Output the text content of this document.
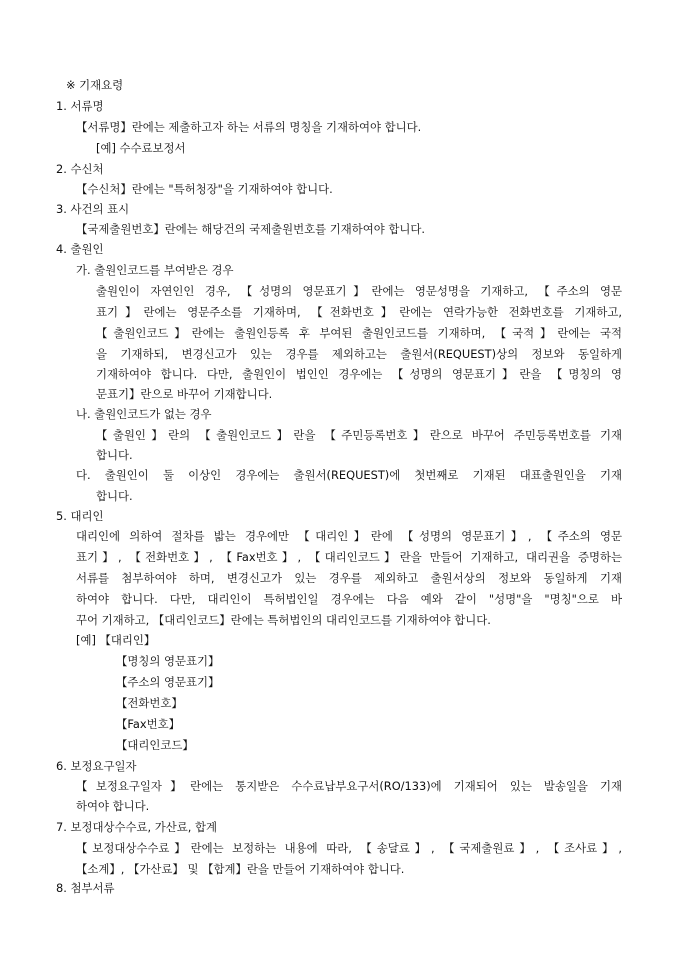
※ 기재요령
1. 서류명
【서류명】란에는 제출하고자 하는 서류의 명칭을 기재하여야 합니다.
[예] 수수료보정서
2. 수신처
【수신처】란에는 "특허청장"을 기재하여야 합니다.
3. 사건의 표시
【국제출원번호】란에는 해당건의 국제출원번호를 기재하여야 합니다.
4. 출원인
가. 출원인코드를 부여받은 경우
출원인이 자연인인 경우, 【성명의 영문표기】란에는 영문성명을 기재하고, 【주소의 영문
표기】란에는 영문주소를 기재하며, 【전화번호】란에는 연락가능한 전화번호를 기재하고,
【출원인코드】란에는 출원인등록 후 부여된 출원인코드를 기재하며, 【국적】란에는 국적
을 기재하되, 변경신고가 있는 경우를 제외하고는 출원서(REQUEST)상의 정보와 동일하게
기재하여야 합니다. 다만, 출원인이 법인인 경우에는 【성명의 영문표기】란을 【명칭의 영
문표기】란으로 바꾸어 기재합니다.
나. 출원인코드가 없는 경우
【출원인】란의 【출원인코드】란을 【주민등록번호】란으로 바꾸어 주민등록번호를 기재
합니다.
다. 출원인이 둘 이상인 경우에는 출원서(REQUEST)에 첫번째로 기재된 대표출원인을 기재
합니다.
5. 대리인
대리인에 의하여 절차를 밟는 경우에만 【대리인】란에 【성명의 영문표기】, 【주소의 영문
표기】, 【전화번호】, 【Fax번호】, 【대리인코드】란을 만들어 기재하고, 대리권을 증명하는
서류를 첨부하여야 하며, 변경신고가 있는 경우를 제외하고 출원서상의 정보와 동일하게 기재
하여야 합니다. 다만, 대리인이 특허법인일 경우에는 다음 예와 같이 "성명"을 "명칭"으로 바
꾸어 기재하고, 【대리인코드】란에는 특허법인의 대리인코드를 기재하여야 합니다.
[예] 【대리인】
【명칭의 영문표기】
【주소의 영문표기】
【전화번호】
【Fax번호】
【대리인코드】
6. 보정요구일자
【보정요구일자】란에는 통지받은 수수료납부요구서(RO/133)에 기재되어 있는 발송일을 기재
하여야 합니다.
7. 보정대상수수료, 가산료, 합계
【보정대상수수료】란에는 보정하는 내용에 따라, 【송달료】, 【국제출원료】, 【조사료】,
【소계】, 【가산료】 및 【합계】란을 만들어 기재하여야 합니다.
8. 첨부서류
